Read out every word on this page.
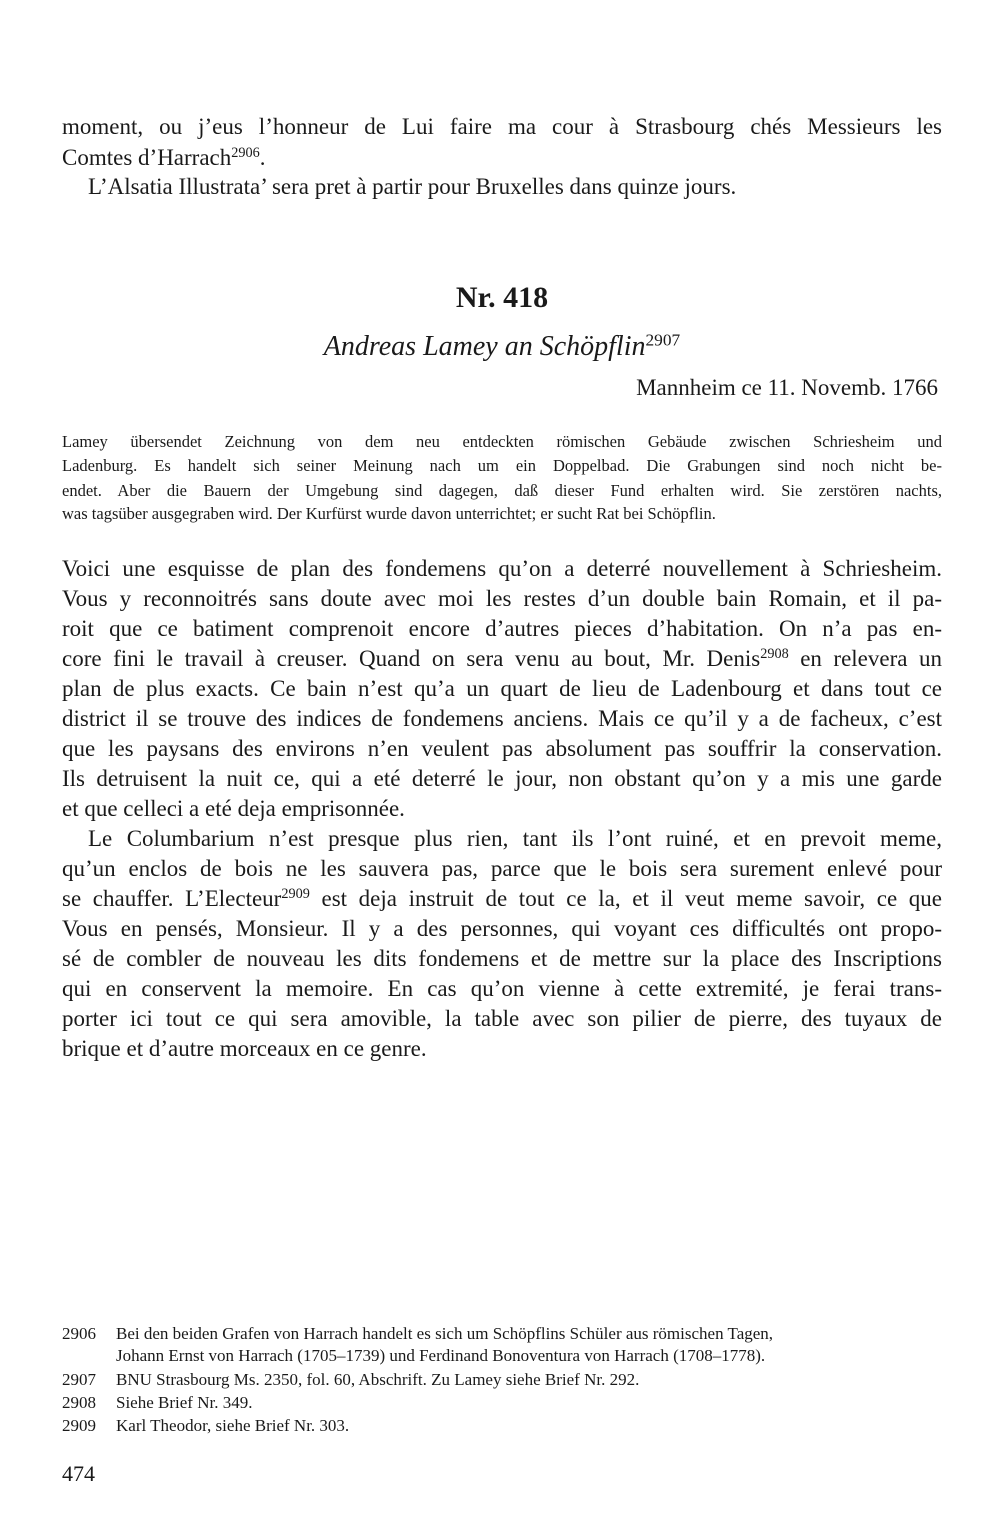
moment, ou j’eus l’honneur de Lui faire ma cour à Strasbourg chés Messieurs les
Comtes d’Harrach$^{2906}$.
L’Alsatia Illustrata’ sera pret à partir pour Bruxelles dans quinze jours.
Nr. 418
Andreas Lamey an Schöpflin$^{2907}$
Mannheim ce 11. Novemb. 1766
Lamey übersendet Zeichnung von dem neu entdeckten römischen Gebäude zwischen Schriesheim und
Ladenburg. Es handelt sich seiner Meinung nach um ein Doppelbad. Die Grabungen sind noch nicht be-
endet. Aber die Bauern der Umgebung sind dagegen, daß dieser Fund erhalten wird. Sie zerstören nachts,
was tagsüber ausgegraben wird. Der Kurfürst wurde davon unterrichtet; er sucht Rat bei Schöpflin.
Voici une esquisse de plan des fondemens qu’on a deterré nouvellement à Schriesheim.
Vous y reconnoitrés sans doute avec moi les restes d’un double bain Romain, et il pa-
roit que ce batiment comprenoit encore d’autres pieces d’habitation. On n’a pas en-
core fini le travail à creuser. Quand on sera venu au bout, Mr. Denis$^{2908}$ en relevera un
plan de plus exacts. Ce bain n’est qu’a un quart de lieu de Ladenbourg et dans tout ce
district il se trouve des indices de fondemens anciens. Mais ce qu’il y a de facheux, c’est
que les paysans des environs n’en veulent pas absolument pas souffrir la conservation.
Ils detruisent la nuit ce, qui a eté deterré le jour, non obstant qu’on y a mis une garde
et que celleci a eté deja emprisonnée.
Le Columbarium n’est presque plus rien, tant ils l’ont ruiné, et en prevoit meme,
qu’un enclos de bois ne les sauvera pas, parce que le bois sera surement enlevé pour
se chauffer. L’Electeur$^{2909}$ est deja instruit de tout ce la, et il veut meme savoir, ce que
Vous en pensés, Monsieur. Il y a des personnes, qui voyant ces difficultés ont propo-
sé de combler de nouveau les dits fondemens et de mettre sur la place des Inscriptions
qui en conservent la memoire. En cas qu’on vienne à cette extremité, je ferai trans-
porter ici tout ce qui sera amovible, la table avec son pilier de pierre, des tuyaux de
brique et d’autre morceaux en ce genre.
2906 Bei den beiden Grafen von Harrach handelt es sich um Schöpflins Schüler aus römischen Tagen,
Johann Ernst von Harrach (1705–1739) und Ferdinand Bonoventura von Harrach (1708–1778).
2907 BNU Strasbourg Ms. 2350, fol. 60, Abschrift. Zu Lamey siehe Brief Nr. 292.
2908 Siehe Brief Nr. 349.
2909 Karl Theodor, siehe Brief Nr. 303.
474
